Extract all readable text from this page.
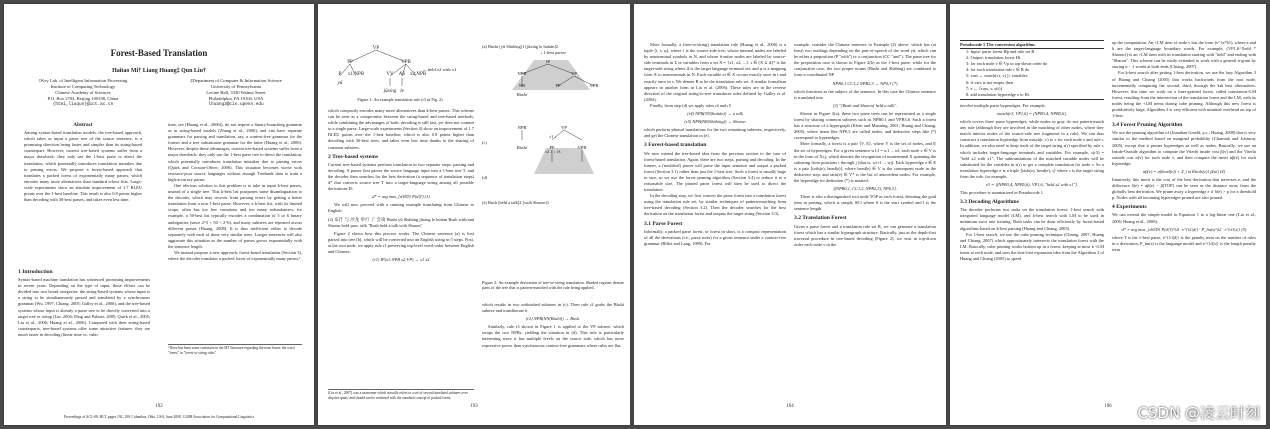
Forest-Based Translation
Haitao Mi† Liang Huang‡ Qun Liu†
†Key Lab. of Intelligent Information Processing
Institute of Computing Technology
Chinese Academy of Sciences
P.O. Box 2704, Beijing 100190, China
{htmi,liuqun}@ict.ac.cn
‡Department of Computer & Information Science
University of Pennsylvania
Levine Hall, 3330 Walnut Street
Philadelphia, PA 19104, USA
lhuang3@cis.upenn.edu
Abstract

Among syntax-based translation models, the tree-based approach, which takes as input a parse tree of the source sentence, is a promising direction being faster and simpler than its string-based counterpart. However, current tree-based systems suffer from a major drawback: they only use the 1-best parse to direct the translation, which potentially introduces translation mistakes due to parsing errors. We propose a forest-based approach that translates a packed forest of exponentially many parses, which encodes many more alternatives than standard n-best lists. Large-scale experiments show an absolute improvement of 1.7 BLEU points over the 1-best baseline. This result is also 0.8 points higher than decoding with 30-best parses, and takes even less time.

1 Introduction

Syntax-based machine translation has witnessed promising improvements in recent years. Depending on the type of input, these efforts can be divided into two broad categories: the string-based systems whose input is a string to be simultaneously parsed and translated by a synchronous grammar (Wu, 1997; Chiang, 2005; Galley et al., 2006), and the tree-based systems whose input is already a parse tree to be directly converted into a target tree or string (Lin, 2004; Ding and Palmer, 2005; Quirk et al., 2005; Liu et al., 2006; Huang et al., 2006). Compared with their string-based counterparts, tree-based systems offer some attractive features: they are much faster in decoding (linear time vs. cubic

time, see (Huang et al., 2006)), do not require a binary-branching grammar as in string-based models (Zhang et al., 2006), and can have separate grammars for parsing and translation, say, a context-free grammar for the former and a tree substitution grammar for the latter (Huang et al., 2006). However, despite these advantages, current tree-based systems suffer from a major drawback: they only use the 1-best parse tree to direct the translation, which potentially introduces translation mistakes due to parsing errors (Quirk and Corston-Oliver, 2006). This situation becomes worse with resource-poor source languages without enough Treebank data to train a high-accuracy parser.

One obvious solution to this problem is to take as input k-best parses, instead of a single tree. This k-best list postpones some disambiguation to the decoder, which may recover from parsing errors by getting a better translation from a non 1-best parse. However, a k-best list, with its limited scope, often has too few variations and too many redundancies; for example, a 50-best list typically encodes a combination of 5 or 6 binary ambiguities (since 2^5 < 50 < 2^6), and many subtrees are repeated across different parses (Huang, 2008). It is thus inefficient either to decode separately with each of these very similar trees. Longer sentences will also aggravate this situation as the number of parses grows exponentially with the sentence length.

We instead propose a new approach, forest-based translation (Section 3), where the decoder translates a packed forest of exponentially many parses,¹

¹There has been some confusion in the MT literature regarding the term forest: the word "forest" in "forest-to-string rules"
192
Proceedings of ACL-08: HLT, pages 192–199, Columbus, Ohio, USA, June 2008. ©2008 Association for Computational Linguistics
VP
PP	VPB
P x1:NPB	VV AS x2:NPB
yǔ
jǔxíng le
→ held x2 with x1
Figure 1: An example translation rule (r3 in Fig. 2).

which compactly encodes many more alternatives than k-best parses. This scheme can be seen as a compromise between the string-based and tree-based methods, while combining the advantages of both: decoding is still fast, yet does not commit to a single parse. Large-scale experiments (Section 4) show an improvement of 1.7 BLEU points over the 1-best baseline, which is also 0.8 points higher than decoding with 30-best trees, and takes even less time thanks to the sharing of common subtrees.

2 Tree-based systems

Current tree-based systems perform translation in two separate steps: parsing and decoding. A parser first parses the source language input into a 1-best tree T, and the decoder then searches for the best derivation (a sequence of translation steps) d* that converts source tree T into a target-language string among all possible derivations D:

d* = arg max_{d∈D} P(d|T) (1)

We will now proceed with a running example translating from Chinese to English:

(2) 布什 与 沙龙 举行 了 会谈 Bùshí yǔ Shālóng jǔxíng le huìtán Bush with/and Sharon hold pass. talk "Bush held a talk with Sharon"

Figure 2 shows how this process works. The Chinese sentence (a) is first parsed into tree (b), which will be converted into an English string in 5 steps. First, at the root node, we apply rule r1 preserving top-level word-order between English and Chinese,

(r1) IP(x1:NPB x2:VP) → x1 x2
(Liu et al., 2007) was a misnomer which actually refers to a set of several unrelated subtrees over disjoint spans, and should not be confused with the standard concept of packed forest.
(a) Bùshí [yǔ Shālóng]1 [jǔxíng le huìtán]2
↓ 1-best parser
IP
NPB	VP
NR	PP	VPB
Bùshí
NPB	VP
PP	VPB
Bùshí
r1 ↓
(c)
r2 ↓ ↓ r3
(d)
(e) Bush [held a talk]2 [with Sharon]1
Figure 2: An example derivation of tree-to-string translation. Shaded regions denote parts of the tree that is pattern-matched with the rule being applied.

which results in two unfinished subtrees in (c). Then rule r2 grabs the Bùshí subtree and transliterate it

(r2) NPB(NN(Bùshí)) → Bush.

Similarly, rule r3 shown in Figure 1 is applied to the VP subtree, which swaps the two NPBs, yielding the situation in (d). This rule is particularly interesting since it has multiple levels on the source side, which has more expressive power than synchronous context-free grammars where rules are flat.

193

More formally, a (tree-to-string) translation rule (Huang et al., 2006) is a tuple ⟨t, s, φ⟩, where t is the source-side tree, whose internal nodes are labeled by nonterminal symbols in N, and whose frontier nodes are labeled by source-side terminals in Σ or variables from a set X = {x1, x2, ...}; s ∈ (X ∪ Δ)* is the target-side string where Δ is the target language terminal set; and φ is a mapping from X to nonterminals in N. Each variable xi ∈ X occurs exactly once in t and exactly once in s. We denote R to be the translation rule set. A similar formalism appears in another form in Liu et al. (2006). These rules are in the reverse direction of the original string-to-tree transducer rules defined by Galley et al. (2004).

Finally, from step (d) we apply rules r4 and r5

(r4) NPB(NN(huìtán)) → a talk
(r5) NPB(NR(Shālóng)) → Sharon

which perform phrasal translations for the two remaining subtrees, respectively, and get the Chinese translation in (e).

3 Forest-based translation

We now extend the tree-based idea from the previous section to the case of forest-based translation. Again, there are two steps, parsing and decoding. In the former, a (modified) parser will parse the input sentence and output a packed forest (Section 3.1) rather than just the 1-best tree. Such a forest is usually huge in size, so we use the forest pruning algorithm (Section 3.4) to reduce it to a reasonable size. The pruned parse forest will then be used to direct the translation.

In the decoding step, we first convert the parse forest into a translation forest using the translation rule set, by similar techniques of pattern-matching from tree-based decoding (Section 3.2). Then the decoder searches for the best derivation on the translation forest and outputs the target string (Section 3.3).

3.1 Parse Forest

Informally, a packed parse forest, or forest in short, is a compact representation of all the derivations (i.e., parse trees) for a given sentence under a context-free grammar (Billot and Lang, 1989). For

example, consider the Chinese sentence in Example (2) above, which has (at least) two readings depending on the part-of-speech of the word yǔ, which can be either a preposition (P "with") or a conjunction (CC "and"). The parse tree for the preposition case is shown in Figure 2(b) as the 1-best parse, while for the conjunction case, the two proper nouns (Bùshí and Shālóng) are combined to form a coordinated NP

NPB0,1 CC1,2 NPB2,3 → NP0,3 (*)

which functions as the subject of the sentence. In this case the Chinese sentence is translated into

(3) "[Bush and Sharon] held a talk".

Shown in Figure 3(a), these two parse trees can be represented as a single forest by sharing common subtrees such as NPB0,1 and VPB3,6. Such a forest has a structure of a hypergraph (Klein and Manning, 2001; Huang and Chiang, 2005), where items like NP0,3 are called nodes, and deductive steps like (*) correspond to hyperedges.

More formally, a forest is a pair ⟨V, E⟩, where V is the set of nodes, and E the set of hyperedges. For a given sentence w1:l = w1 ... wl, each node v ∈ V is in the form of Xi,j, which denotes the recognition of nonterminal X spanning the substring from positions i through j (that is, wi+1 ... wj). Each hyperedge e ∈ E is a pair ⟨tails(e), head(e)⟩, where head(e) ∈ V is the consequent node in the deductive step, and tails(e) ∈ V* is the list of antecedent nodes. For example, the hyperedge for deduction (*) is notated:

⟨(NPB0,1, CC1,2, NPB2,3), NP0,3⟩.

There is also a distinguished root node TOP in each forest, denoting the goal item in parsing, which is simply S0,l where S is the start symbol and l is the sentence length.

3.2 Translation Forest

Given a parse forest and a translation rule set R, we can generate a translation forest which has a similar hypergraph structure. Basically, just as the depth-first traversal procedure in tree-based decoding (Figure 2), we visit in top-down order each node v in the

194
Pseudocode 1 The conversion algorithm.
1: Input: parse forest Hp and rule set R
2: Output: translation forest Ht
3: for each node v ∈ Vp in top-down order do
4: for each translation rule r ∈ R do
5: vars ← match(r.t, v) ▷ variables
6: if vars is not empty then
7: e ← ⟨vars, v, s(r)⟩
8: add translation hyperedge e to Ht

involve multiple parse hyperedges. For example,

match(r3, VP1,6) = (NPB3,4, NPB5,6),

which covers three parse hyperedges, while nodes in gray do not pattern-match any rule (although they are involved in the matching of other nodes, where they match interior nodes of the source-side tree fragments in a rule). We can thus construct a translation hyperedge from match(r, v) to v for each node v and rule r. In addition, we also need to keep track of the target string s(r) specified by rule r, which includes target-language terminals and variables. For example, s(r3) = "held x2 with x1". The subtranslations of the matched variable nodes will be substituted for the variables in s(r) to get a complete translation for node v. So a translation hyperedge e is a triple ⟨tails(e), head(e), s⟩ where s is the target string from the rule, for example,

e3 = ⟨(NPB3,4, NPB5,6), VP1,6, "held x2 with x1"⟩.

This procedure is summarized in Pseudocode 1.

3.3 Decoding Algorithms

The decoder performs two tasks on the translation forest: 1-best search with integrated language model (LM), and k-best search with LM to be used in minimum error rate training. Both tasks can be done efficiently by forest-based algorithms based on k-best parsing (Huang and Chiang, 2005).

For 1-best search, we use the cube pruning technique (Chiang, 2007; Huang and Chiang, 2007) which approximately intersects the translation forest with the LM. Basically, cube pruning works bottom up in a forest, keeping at most k +LM items at each node, and uses the best-first expansion idea from the Algorithm 2 of Huang and Chiang (2005) to speed

up the computation. An +LM item of node v has the form (v^{a*b}), where a and b are the target-language boundary words. For example, (VP1,6^{held * Sharon}) is an +LM item with its translation starting with "held" and ending with "Sharon". This scheme can be easily extended to work with a general n-gram by storing n − 1 words at both ends (Chiang, 2007).

For k-best search after getting 1-best derivation, we use the lazy Algorithm 3 of Huang and Chiang (2005) that works backwards from the root node, incrementally computing the second, third, through the kth best alternatives. However, this time we work on a finer-grained forest, called translation+LM forest, resulting from the intersection of the translation forest and the LM, with its nodes being the +LM items during cube pruning. Although this new forest is prohibitively large, Algorithm 3 is very efficient with minimal overhead on top of 1-best.

3.4 Forest Pruning Algorithm

We use the pruning algorithm of (Jonathan Graehl, p.c.; Huang, 2008) that is very similar to the method based on marginal probability (Charniak and Johnson, 2005), except that it prunes hyperedges as well as nodes. Basically, we use an Inside-Outside algorithm to compute the Viterbi inside cost β(v) and the Viterbi outside cost α(v) for each node v, and then compute the merit αβ(e) for each hyperedge:

αβ(e) = α(head(e)) + Σ_{ui∈tails(e)} β(ui) (4)

Intuitively, this merit is the cost of the best derivation that traverses e, and the difference δ(e) = αβ(e) − β(TOP) can be seen as the distance away from the globally best derivation. We prune away a hyperedge e if δ(e) > p for a threshold p. Nodes with all incoming hyperedges pruned are also pruned.

4 Experiments

We can extend the simple model in Equation 1 to a log-linear one (Liu et al., 2006; Huang et al., 2006):

d* = arg max_{d∈D} P(d|T)^λ0 · e^{λ1|d|} · P_lm(s)^λ2 · e^{λ3|s|} (5)

where T is the 1-best parse, e^{λ1|d|} is the penalty term on the number of rules in a derivation, P_lm(s) is the language model and e^{λ3|s|} is the length penalty term

196	CSDN @凌云时刻
